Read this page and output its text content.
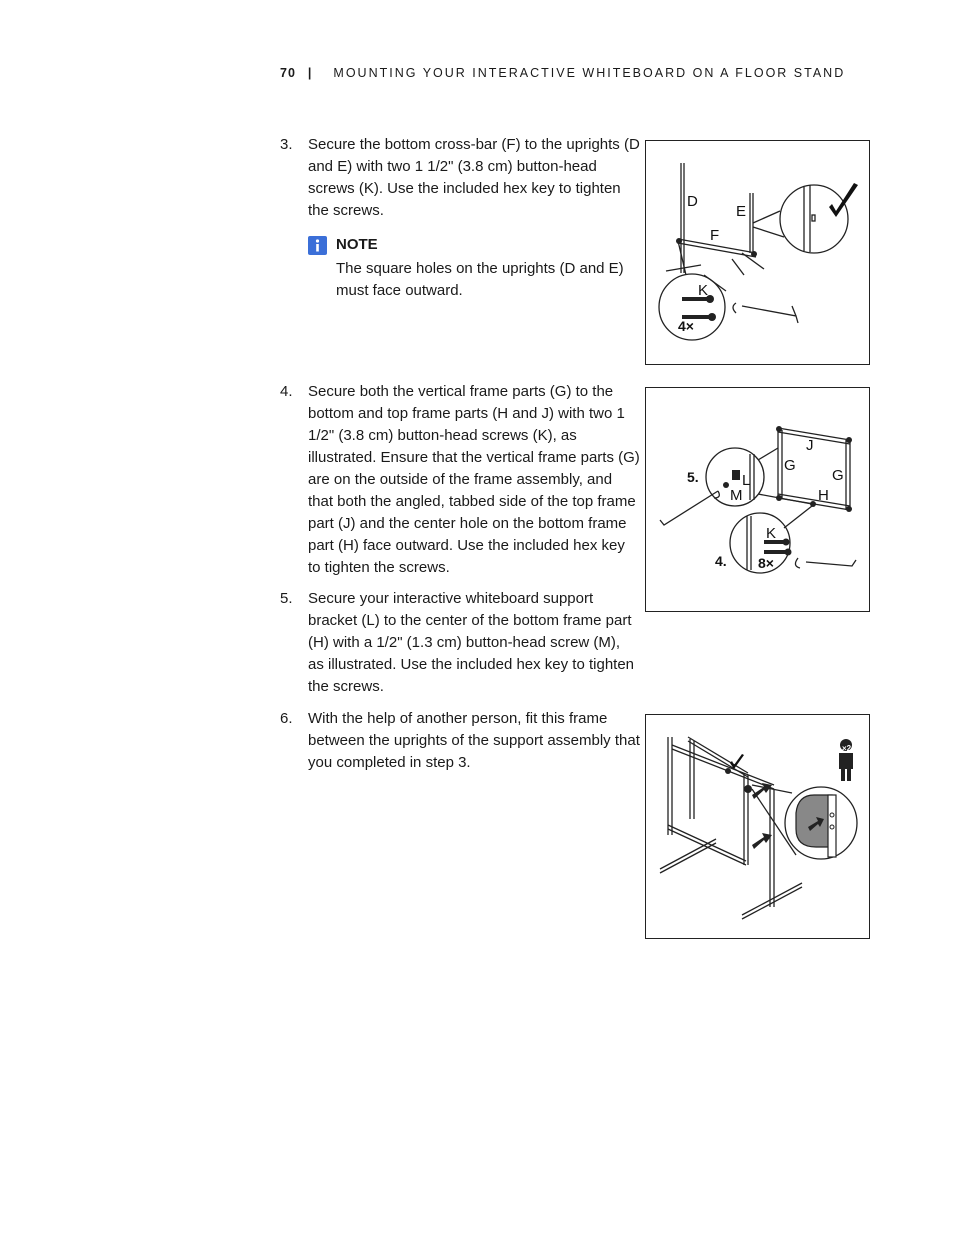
70 | MOUNTING YOUR INTERACTIVE WHITEBOARD ON A FLOOR STAND
3. Secure the bottom cross-bar (F) to the uprights (D and E) with two 1 1/2" (3.8 cm) button-head screws (K). Use the included hex key to tighten the screws.
NOTE
The square holes on the uprights (D and E) must face outward.
4. Secure both the vertical frame parts (G) to the bottom and top frame parts (H and J) with two 1 1/2" (3.8 cm) button-head screws (K), as illustrated. Ensure that the vertical frame parts (G) are on the outside of the frame assembly, and that both the angled, tabbed side of the top frame part (J) and the center hole on the bottom frame part (H) face outward. Use the included hex key to tighten the screws.
5. Secure your interactive whiteboard support bracket (L) to the center of the bottom frame part (H) with a 1/2" (1.3 cm) button-head screw (M), as illustrated. Use the included hex key to tighten the screws.
6. With the help of another person, fit this frame between the uprights of the support assembly that you completed in step 3.
D
E
F
K
4×
J
G
G
H
L
M
K
8×
5.
4.
×2
